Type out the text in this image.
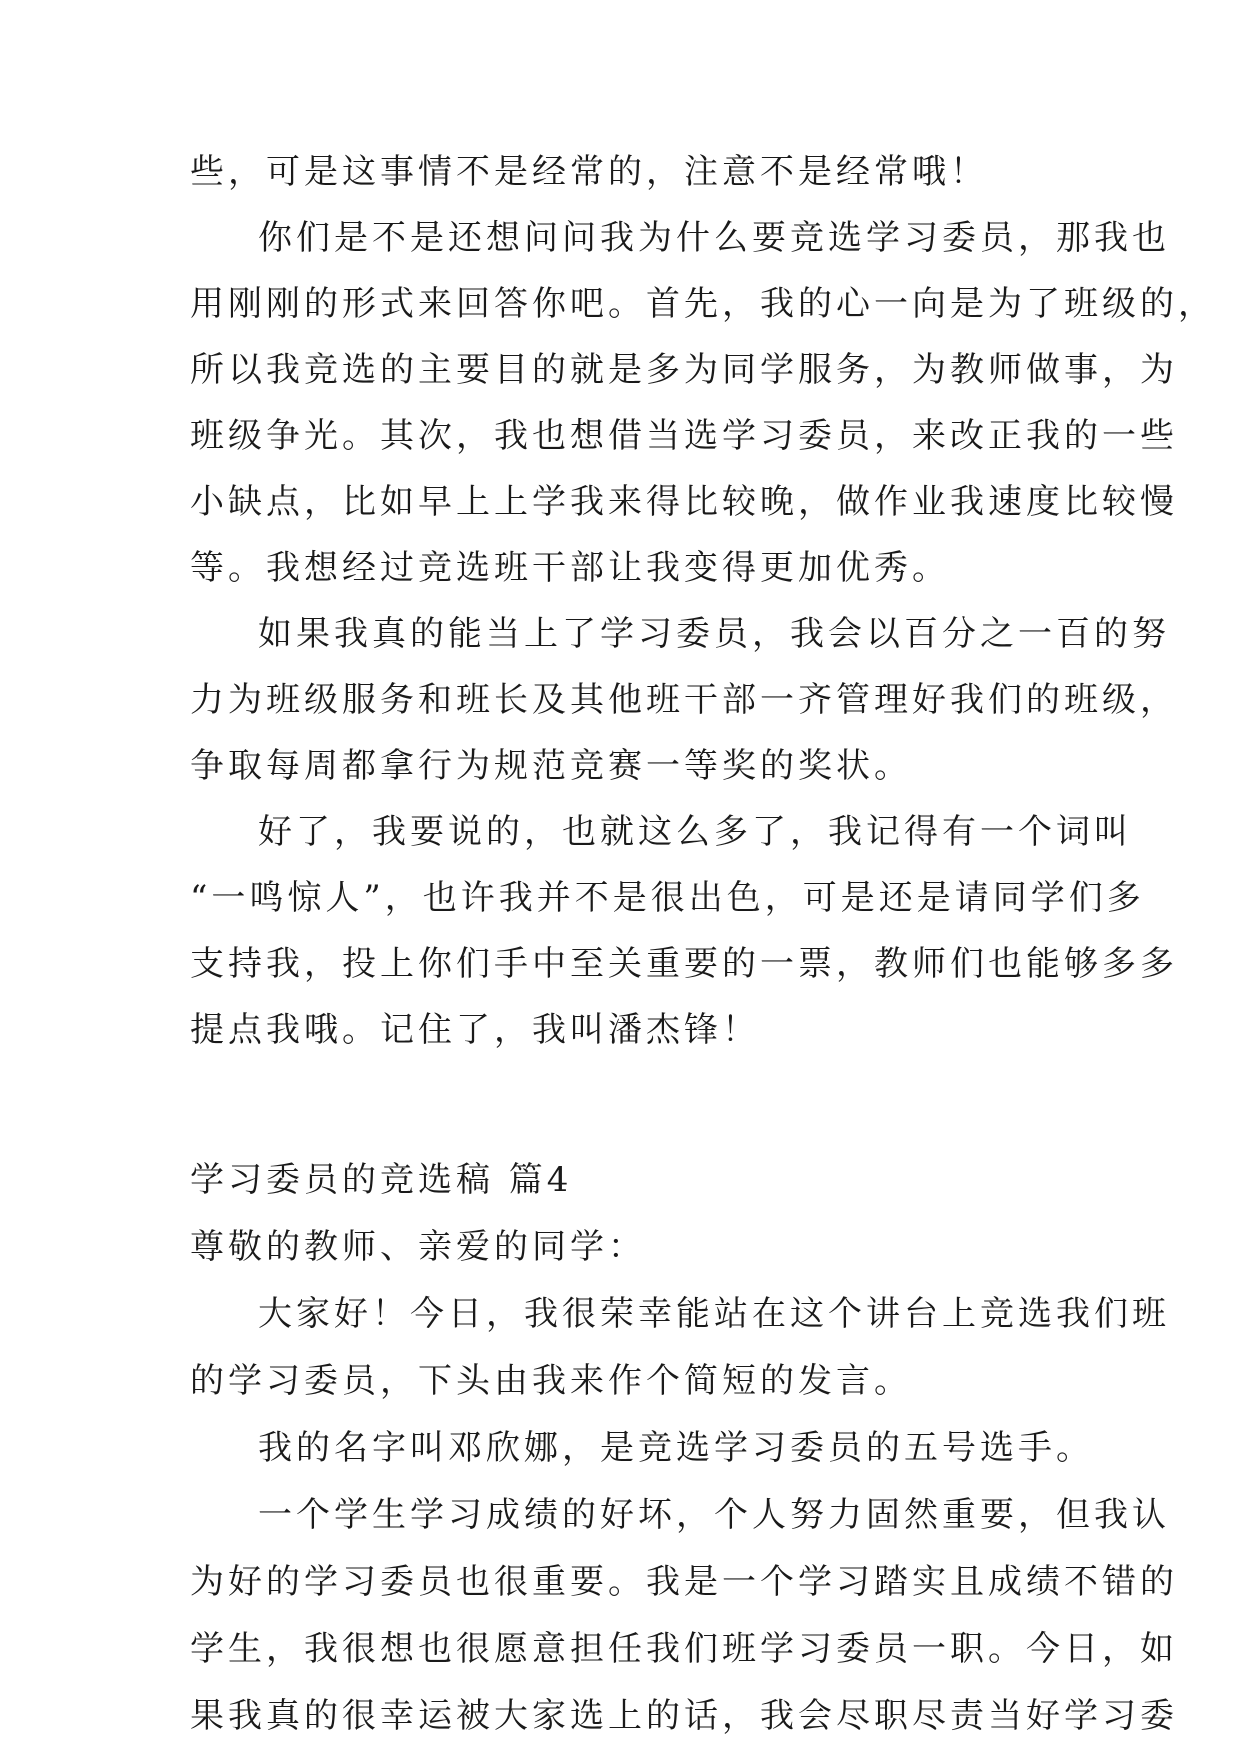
些，可是这事情不是经常的，注意不是经常哦！
你们是不是还想问问我为什么要竞选学习委员，那我也
用刚刚的形式来回答你吧。首先，我的心一向是为了班级的，
所以我竞选的主要目的就是多为同学服务，为教师做事，为
班级争光。其次，我也想借当选学习委员，来改正我的一些
小缺点，比如早上上学我来得比较晚，做作业我速度比较慢
等。我想经过竞选班干部让我变得更加优秀。
如果我真的能当上了学习委员，我会以百分之一百的努
力为班级服务和班长及其他班干部一齐管理好我们的班级，
争取每周都拿行为规范竞赛一等奖的奖状。
好了，我要说的，也就这么多了，我记得有一个词叫
“一鸣惊人”，也许我并不是很出色，可是还是请同学们多
支持我，投上你们手中至关重要的一票，教师们也能够多多
提点我哦。记住了，我叫潘杰锋！
学习委员的竞选稿 篇4
尊敬的教师、亲爱的同学：
大家好！今日，我很荣幸能站在这个讲台上竞选我们班
的学习委员，下头由我来作个简短的发言。
我的名字叫邓欣娜，是竞选学习委员的五号选手。
一个学生学习成绩的好坏，个人努力固然重要，但我认
为好的学习委员也很重要。我是一个学习踏实且成绩不错的
学生，我很想也很愿意担任我们班学习委员一职。今日，如
果我真的很幸运被大家选上的话，我会尽职尽责当好学习委
